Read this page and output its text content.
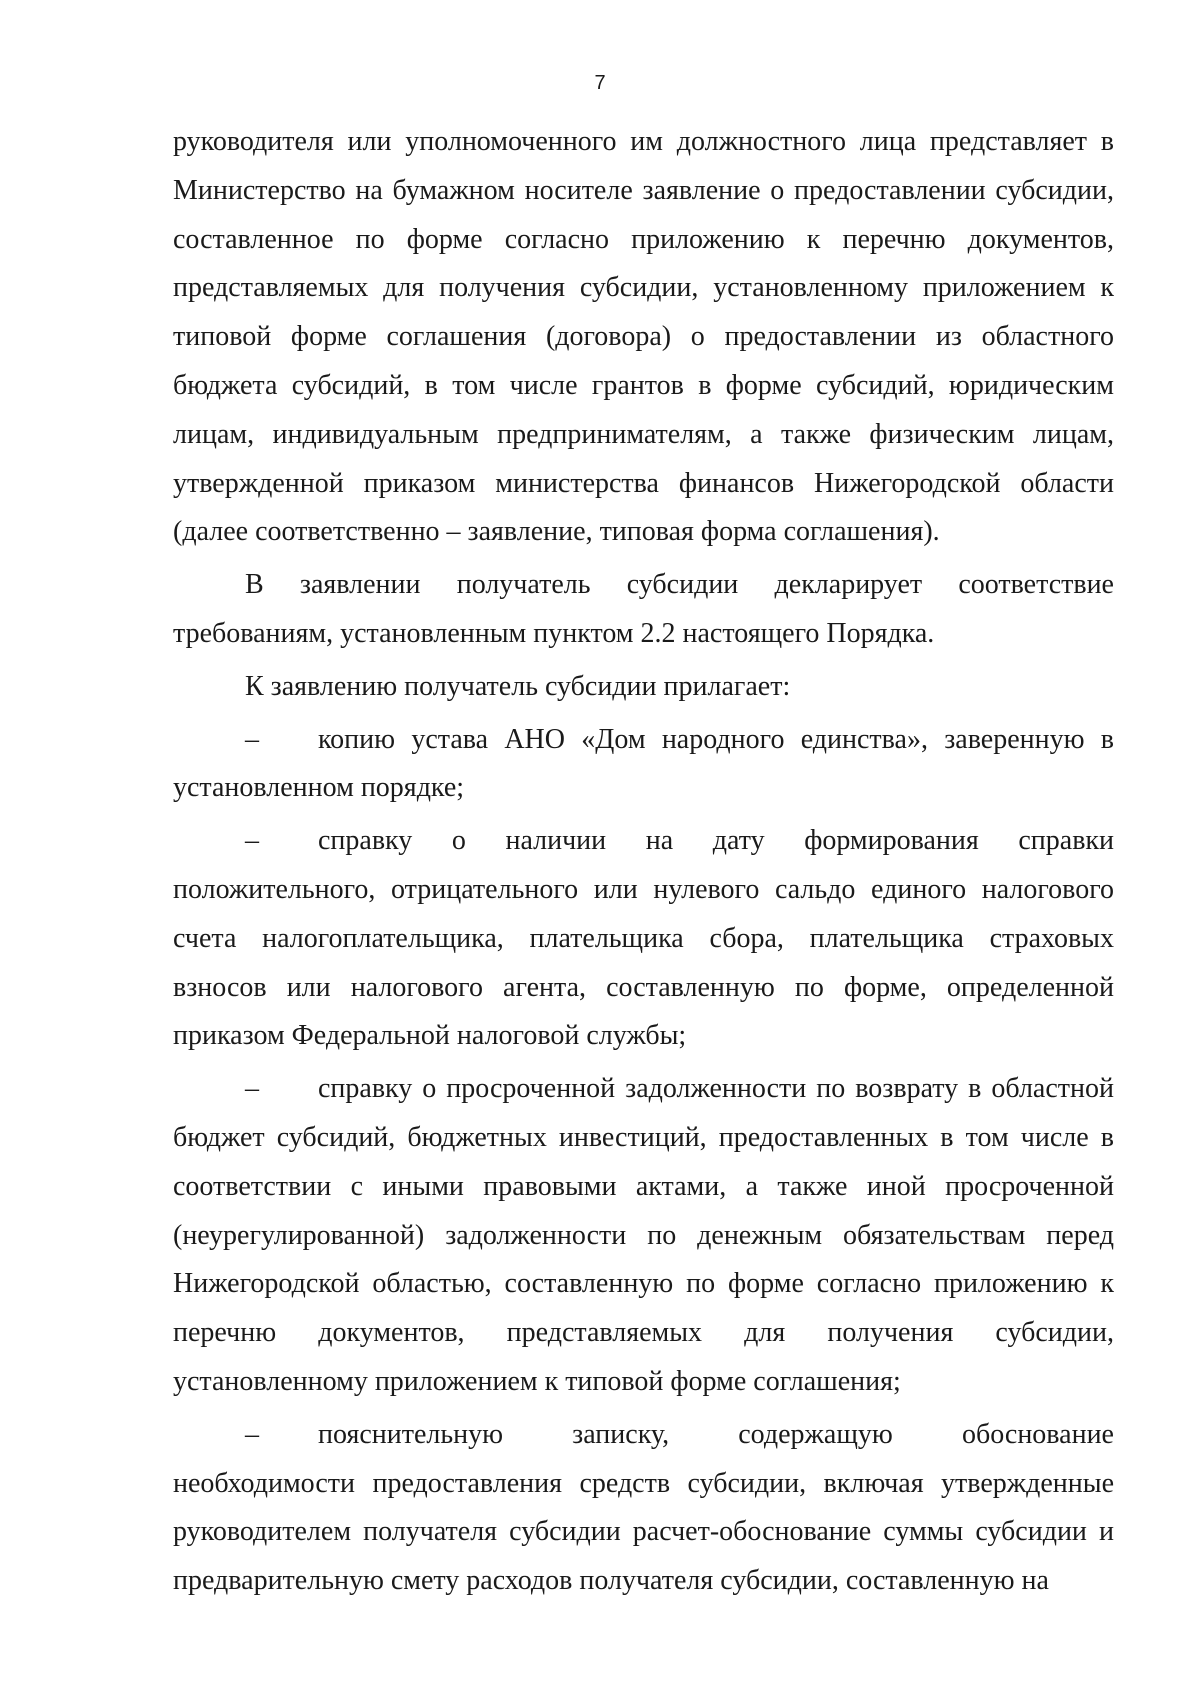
7

руководителя или уполномоченного им должностного лица представляет в Министерство на бумажном носителе заявление о предоставлении субсидии, составленное по форме согласно приложению к перечню документов, представляемых для получения субсидии, установленному приложением к типовой форме соглашения (договора) о предоставлении из областного бюджета субсидий, в том числе грантов в форме субсидий, юридическим лицам, индивидуальным предпринимателям, а также физическим лицам, утвержденной приказом министерства финансов Нижегородской области (далее соответственно – заявление, типовая форма соглашения).

В заявлении получатель субсидии декларирует соответствие требованиям, установленным пунктом 2.2 настоящего Порядка.

К заявлению получатель субсидии прилагает:

– копию устава АНО «Дом народного единства», заверенную в установленном порядке;

– справку о наличии на дату формирования справки положительного, отрицательного или нулевого сальдо единого налогового счета налогоплательщика, плательщика сбора, плательщика страховых взносов или налогового агента, составленную по форме, определенной приказом Федеральной налоговой службы;

– справку о просроченной задолженности по возврату в областной бюджет субсидий, бюджетных инвестиций, предоставленных в том числе в соответствии с иными правовыми актами, а также иной просроченной (неурегулированной) задолженности по денежным обязательствам перед Нижегородской областью, составленную по форме согласно приложению к перечню документов, представляемых для получения субсидии, установленному приложением к типовой форме соглашения;

– пояснительную записку, содержащую обоснование необходимости предоставления средств субсидии, включая утвержденные руководителем получателя субсидии расчет-обоснование суммы субсидии и предварительную смету расходов получателя субсидии, составленную на
